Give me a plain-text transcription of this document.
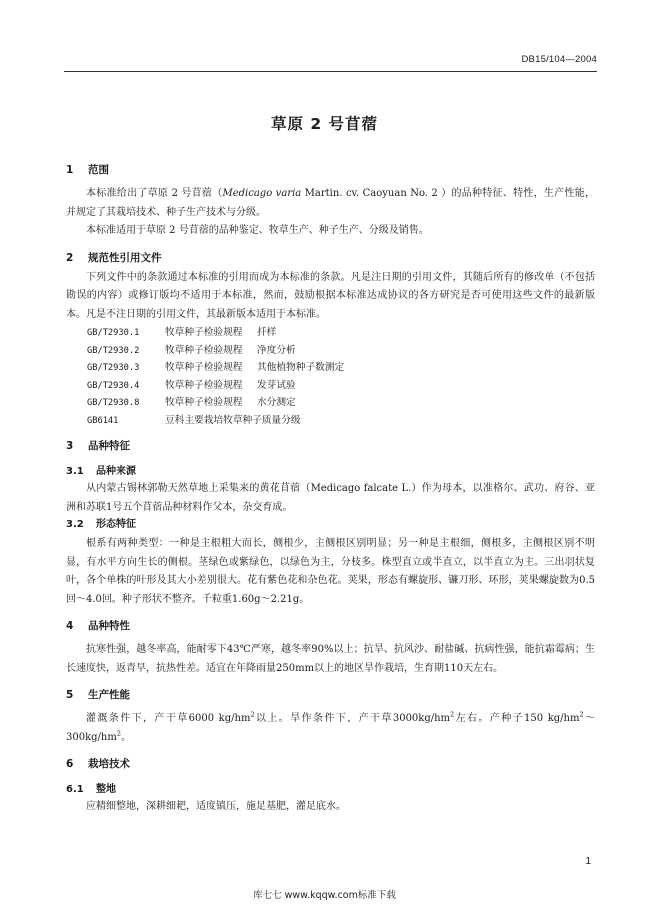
DB15/104—2004
草原 2 号苜蓿
1 范围

本标准给出了草原 2 号苜蓿（Medicago varia Martin. cv. Caoyuan No. 2 ）的品种特征、特性，生产性能，并规定了其栽培技术、种子生产技术与分级。

本标准适用于草原 2 号苜蓿的品种鉴定、牧草生产、种子生产、分级及销售。

2 规范性引用文件

下列文件中的条款通过本标准的引用而成为本标准的条款。凡是注日期的引用文件，其随后所有的修改单（不包括勘误的内容）或修订版均不适用于本标准，然而，鼓励根据本标准达成协议的各方研究是否可使用这些文件的最新版本。凡是不注日期的引用文件，其最新版本适用于本标准。

GB/T2930.1	牧草种子检验规程 扦样
GB/T2930.2	牧草种子检验规程 净度分析
GB/T2930.3	牧草种子检验规程 其他植物种子数测定
GB/T2930.4	牧草种子检验规程 发芽试验
GB/T2930.8	牧草种子检验规程 水分测定
GB6141	豆科主要栽培牧草种子质量分级
3 品种特征
3.1 品种来源

从内蒙古锡林郭勒天然草地上采集来的黄花苜蓿（Medicago falcate L.）作为母本，以准格尔、武功、府谷、亚洲和苏联1号五个苜蓿品种材料作父本，杂交育成。

3.2 形态特征

根系有两种类型：一种是主根粗大而长，侧根少，主侧根区别明显；另一种是主根细，侧根多，主侧根区别不明显，有水平方向生长的侧根。茎绿色或紫绿色，以绿色为主，分枝多。株型直立或半直立，以半直立为主。三出羽状复叶，各个单株的叶形及其大小差别很大。花有紫色花和杂色花。荚果，形态有螺旋形、镰刀形、环形，荚果螺旋数为0.5回～4.0回。种子形状不整齐。千粒重1.60g～2.21g。

4 品种特性

抗寒性强，越冬率高，能耐零下43℃严寒，越冬率90%以上；抗旱、抗风沙、耐盐碱、抗病性强，能抗霜霉病；生长速度快，返青早，抗热性差。适宜在年降雨量250mm以上的地区旱作栽培，生育期110天左右。

5 生产性能

灌溉条件下，产干草6000 $kg/hm^2$以上。旱作条件下，产干草$3000kg/hm^2$左右。产种子150 $kg/hm^2\sim 300kg/hm^2$。

6 栽培技术
6.1 整地

应精细整地，深耕细耙，适度镇压，施足基肥，灌足底水。

1
库七七 www.kqqw.com标准下载
